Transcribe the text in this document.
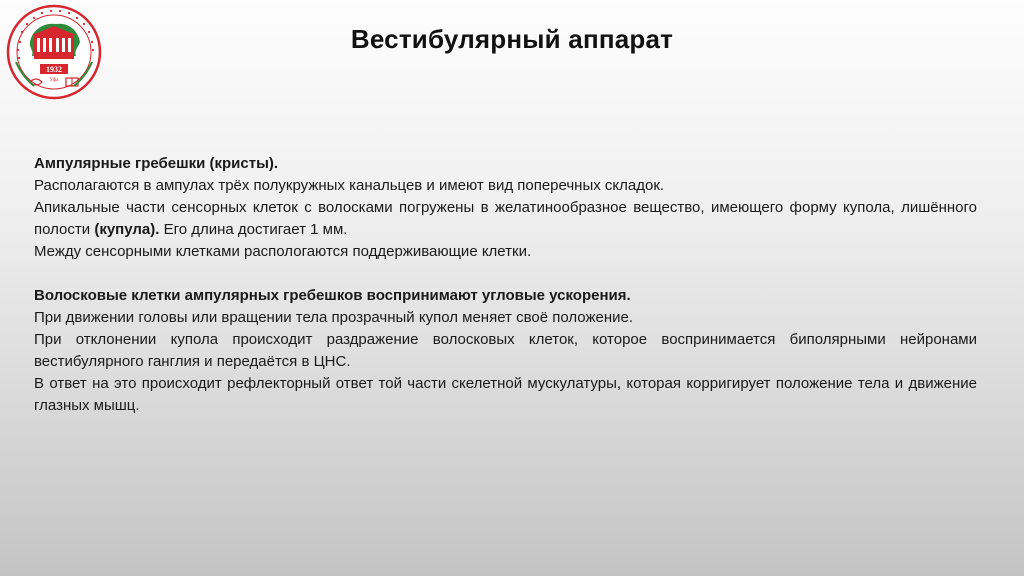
1932
Уфа
Вестибулярный аппарат

Ампулярные гребешки (кристы).

Располагаются в ампулах трёх полукружных канальцев и имеют вид поперечных складок.

Апикальные части сенсорных клеток с волосками погружены в желатинообразное вещество, имеющего форму купола, лишённого полости (купула). Его длина достигает 1 мм.

Между сенсорными клетками распологаются поддерживающие клетки.

Волосковые клетки ампулярных гребешков воспринимают угловые ускорения.

При движении головы или вращении тела прозрачный купол меняет своё положение.

При отклонении купола происходит раздражение волосковых клеток, которое воспринимается биполярными нейронами вестибулярного ганглия и передаётся в ЦНС.

В ответ на это происходит рефлекторный ответ той части скелетной мускулатуры, которая корригирует положение тела и движение глазных мышц.
